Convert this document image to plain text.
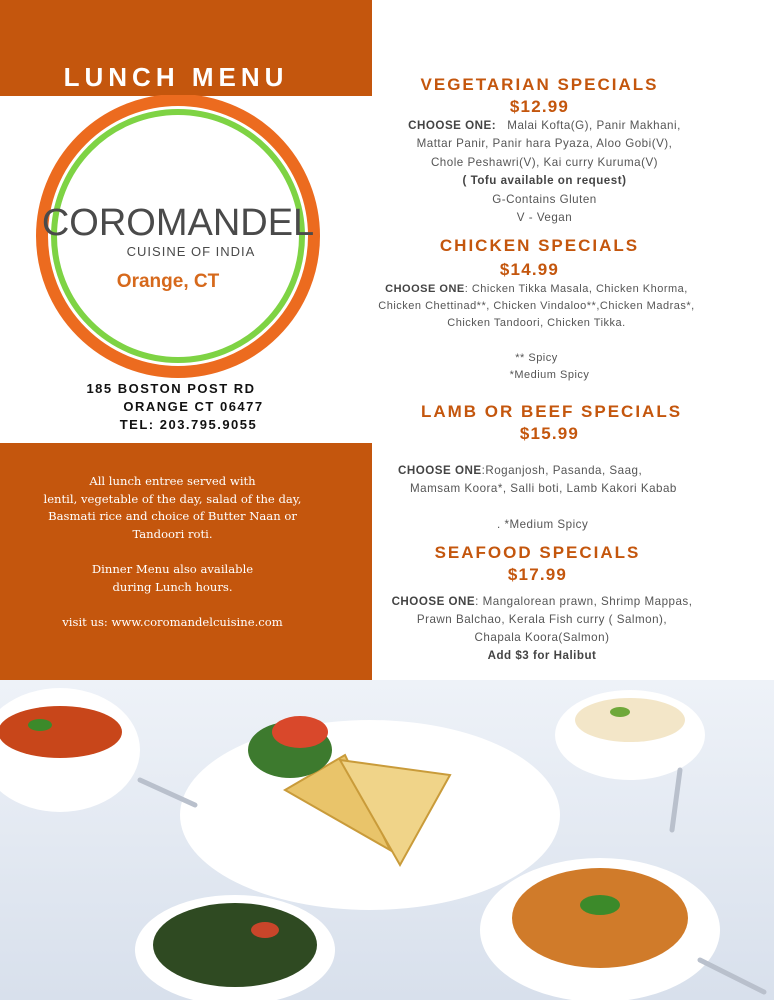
LUNCH MENU
COROMANDEL
CUISINE OF INDIA
Orange, CT
185 BOSTON POST RD
ORANGE CT 06477
TEL: 203.795.9055

All lunch entree served with
lentil, vegetable of the day, salad of the day,
Basmati rice and choice of Butter Naan or
Tandoori roti.

Dinner Menu also available
during Lunch hours.

visit us: www.coromandelcuisine.com

VEGETARIAN SPECIALS
$12.99
CHOOSE ONE: Malai Kofta(G), Panir Makhani,
Mattar Panir, Panir hara Pyaza, Aloo Gobi(V),
Chole Peshawri(V), Kai curry Kuruma(V)
( Tofu available on request)
G-Contains Gluten
V - Vegan
CHICKEN SPECIALS
$14.99
CHOOSE ONE: Chicken Tikka Masala, Chicken Khorma,
Chicken Chettinad**, Chicken Vindaloo**,Chicken Madras*,
Chicken Tandoori, Chicken Tikka.

** Spicy
*Medium Spicy
LAMB OR BEEF SPECIALS
$15.99
CHOOSE ONE:Roganjosh, Pasanda, Saag,
Mamsam Koora*, Salli boti, Lamb Kakori Kabab

. *Medium Spicy
SEAFOOD SPECIALS
$17.99
CHOOSE ONE: Mangalorean prawn, Shrimp Mappas,
Prawn Balchao, Kerala Fish curry ( Salmon),
Chapala Koora(Salmon)
Add $3 for Halibut
